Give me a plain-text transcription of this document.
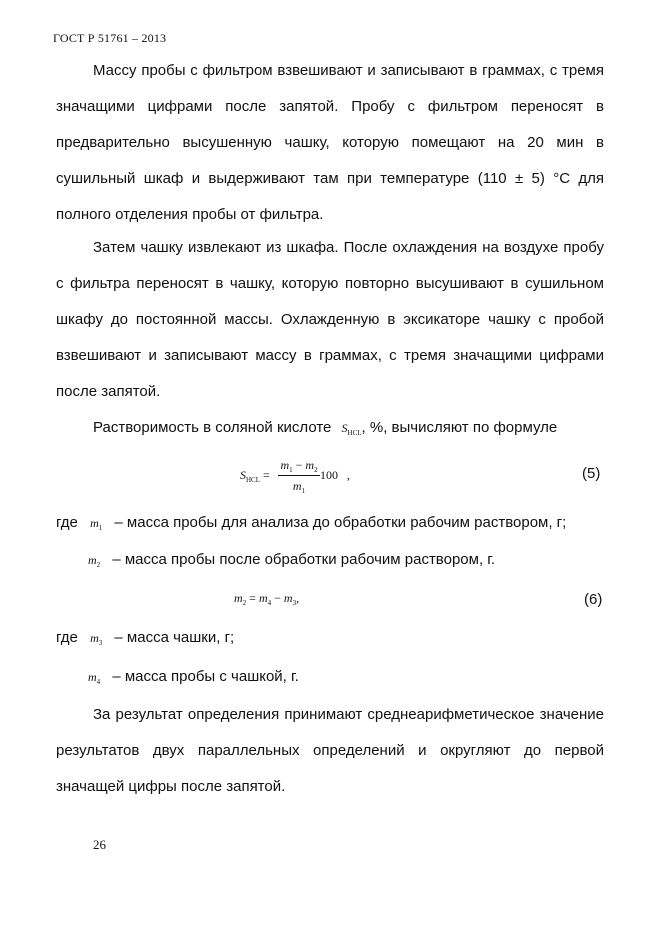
ГОСТ Р 51761 – 2013
Массу пробы с фильтром взвешивают и записывают в граммах, с тремя значащими цифрами после запятой. Пробу с фильтром переносят в предварительно высушенную чашку, которую помещают на 20 мин в сушильный шкаф и выдерживают там при температуре (110 ± 5) °С для полного отделения пробы от фильтра.
Затем чашку извлекают из шкафа. После охлаждения на воздухе пробу с фильтра переносят в чашку, которую повторно высушивают в сушильном шкафу до постоянной массы. Охлажденную в эксикаторе чашку с пробой взвешивают и записывают массу в граммах, с тремя значащими цифрами после запятой.
Растворимость в соляной кислоте $S_{HCL}$, %, вычисляют по формуле
$S_{HCL}$ =
$m_1 - m_2$
$m_1$
100 ,	(5)
где $m_1$ – масса пробы для анализа до обработки рабочим раствором, г;
$m_2$ – масса пробы после обработки рабочим раствором, г.
$m_2 = m_4 - m_3$,	(6)
где $m_3$ – масса чашки, г;
$m_4$ – масса пробы с чашкой, г.
За результат определения принимают среднеарифметическое значение результатов двух параллельных определений и округляют до первой значащей цифры после запятой.
26
